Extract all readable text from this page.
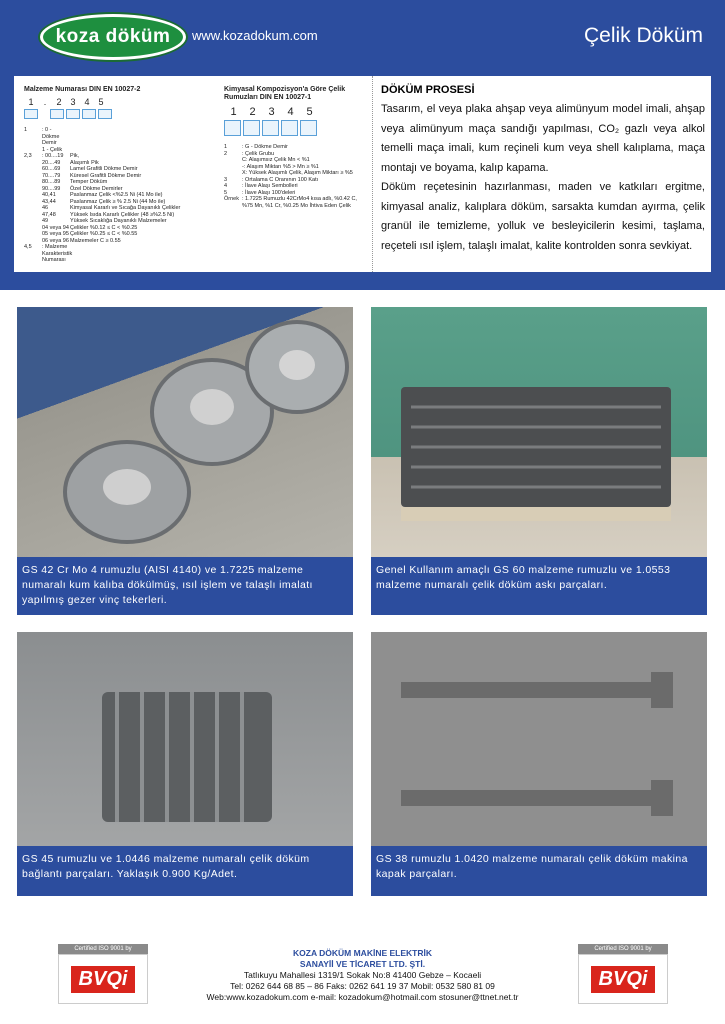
koza döküm www.kozadokum.com	Çelik Döküm
Malzeme Numarası DIN EN 10027-2
1	.	2 3 4 5
1	: 0 - Dökme Demir
1 - Çelik
2,3	: 00....19	Pik,
20....49	Alaşımlı Pik
60....69	Lamel Grafitli Dökme Demir
70....79	Küresel Grafitli Dökme Demir
80....89	Temper Döküm
90....99	Özel Dökme Demirler
40,41	Paslanmaz Çelik <%2.5 Ni (41 Mo ile)
43,44	Paslanmaz Çelik ≥ % 2.5 Ni (44 Mo ile)
46	Kimyasal Kararlı ve Sıcağa Dayanıklı Çelikler
47,48	Yüksek Isıda Kararlı Çelikler (48 ≥%2.5 Ni)
49	Yüksek Sıcaklığa Dayanıklı Malzemeler
04 veya 94 Çelikler %0.12 ≤ C < %0.25
05 veya 95 Çelikler %0.25 ≤ C < %0.55
06 veya 96 Malzemeler C ≥ 0.55
4,5	: Malzeme Karakteristik Numarası
Kimyasal Kompozisyon'a Göre Çelik Rumuzları DIN EN 10027-1
1	2	3	4	5
1	: G - Dökme Demir
2	: Çelik Grubu
C: Alaşımsız Çelik Mn < %1
-: Alaşım Miktarı %5 > Mn ≥ %1
X: Yüksek Alaşımlı Çelik, Alaşım Miktarı ≥ %5
3	: Ortalama C Oranının 100 Katı
4	: İlave Alaşı Sembolleri
5	: İlave Alaşı 100'deleri
Örnek : 1.7225 Rumuzlu 42CrMo4 kısa adlı, %0.42 C, %75 Mn, %1 Cr, %0.25 Mo İhtiva Eden Çelik
DÖKÜM PROSESİ

Tasarım, el veya plaka ahşap veya alimünyum model imali, ahşap veya alimünyum maça sandığı yapılması, CO₂ gazlı veya alkol temelli maça imali, kum reçineli kum veya shell kalıplama, maça montajı ve boyama, kalıp kapama.

Döküm reçetesinin hazırlanması, maden ve katkıları ergitme, kimyasal analiz, kalıplara döküm, sarsakta kumdan ayırma, çelik granül ile temizleme, yolluk ve besleyicilerin kesimi, taşlama, reçeteli ısıl işlem, talaşlı imalat, kalite kontrolden sonra sevkiyat.

GS 42 Cr Mo 4 rumuzlu (AISI 4140) ve 1.7225 malzeme numaralı kum kalıba dökülmüş, ısıl işlem ve talaşlı imalatı yapılmış gezer vinç tekerleri.
Genel Kullanım amaçlı GS 60 malzeme rumuzlu ve 1.0553 malzeme numaralı çelik döküm askı parçaları.
GS 45 rumuzlu ve 1.0446 malzeme numaralı çelik döküm bağlantı parçaları. Yaklaşık 0.900 Kg/Adet.
GS 38 rumuzlu 1.0420 malzeme numaralı çelik döküm makina kapak parçaları.
Certified ISO 9001 by
BVQi
Certified ISO 9001 by
BVQi
KOZA DÖKÜM MAKİNE ELEKTRİK
SANAYİİ VE TİCARET LTD. ŞTİ.
Tatlıkuyu Mahallesi 1319/1 Sokak No:8 41400 Gebze – Kocaeli
Tel: 0262 644 68 85 – 86 Faks: 0262 641 19 37 Mobil: 0532 580 81 09
Web:www.kozadokum.com e-mail: kozadokum@hotmail.com stosuner@ttnet.net.tr
